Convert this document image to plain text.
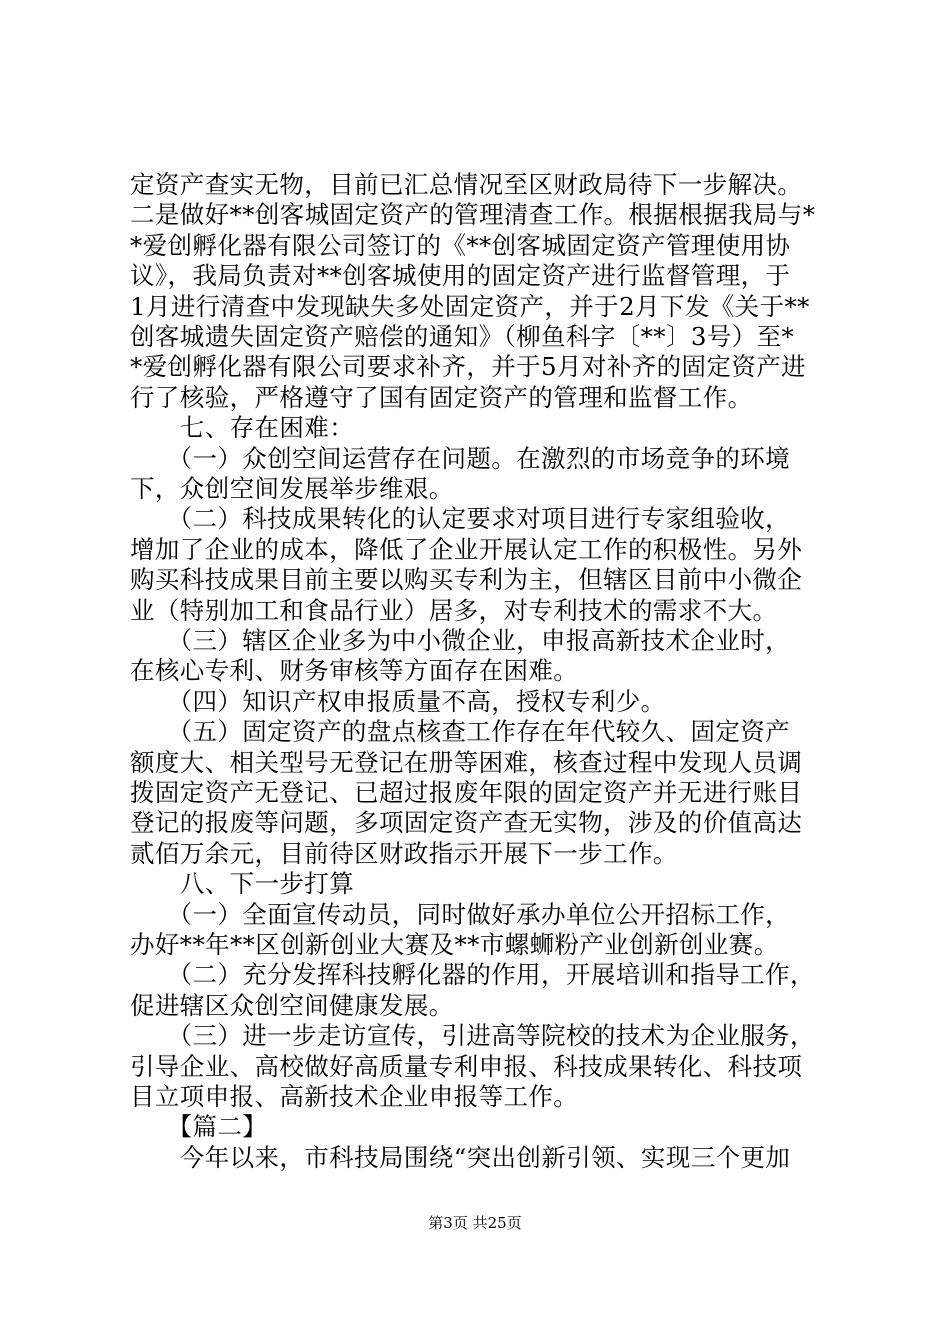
定资产查实无物，目前已汇总情况至区财政局待下一步解决。
二是做好**创客城固定资产的管理清查工作。根据根据我局与*
*爱创孵化器有限公司签订的《**创客城固定资产管理使用协
议》，我局负责对**创客城使用的固定资产进行监督管理，于
1月进行清查中发现缺失多处固定资产，并于2月下发《关于**
创客城遗失固定资产赔偿的通知》（柳鱼科字〔**〕3号）至*
*爱创孵化器有限公司要求补齐，并于5月对补齐的固定资产进
行了核验，严格遵守了国有固定资产的管理和监督工作。
　　七、存在困难：
　　（一）众创空间运营存在问题。在激烈的市场竞争的环境
下，众创空间发展举步维艰。
　　（二）科技成果转化的认定要求对项目进行专家组验收，
增加了企业的成本，降低了企业开展认定工作的积极性。另外
购买科技成果目前主要以购买专利为主，但辖区目前中小微企
业（特别加工和食品行业）居多，对专利技术的需求不大。
　　（三）辖区企业多为中小微企业，申报高新技术企业时，
在核心专利、财务审核等方面存在困难。
　　（四）知识产权申报质量不高，授权专利少。
　　（五）固定资产的盘点核查工作存在年代较久、固定资产
额度大、相关型号无登记在册等困难，核查过程中发现人员调
拨固定资产无登记、已超过报废年限的固定资产并无进行账目
登记的报废等问题，多项固定资产查无实物，涉及的价值高达
贰佰万余元，目前待区财政指示开展下一步工作。
　　八、下一步打算
　　（一）全面宣传动员，同时做好承办单位公开招标工作，
办好**年**区创新创业大赛及**市螺蛳粉产业创新创业赛。
　　（二）充分发挥科技孵化器的作用，开展培训和指导工作，
促进辖区众创空间健康发展。
　　（三）进一步走访宣传，引进高等院校的技术为企业服务，
引导企业、高校做好高质量专利申报、科技成果转化、科技项
目立项申报、高新技术企业申报等工作。
　　【篇二】
　　今年以来，市科技局围绕“突出创新引领、实现三个更加
第3页 共25页
